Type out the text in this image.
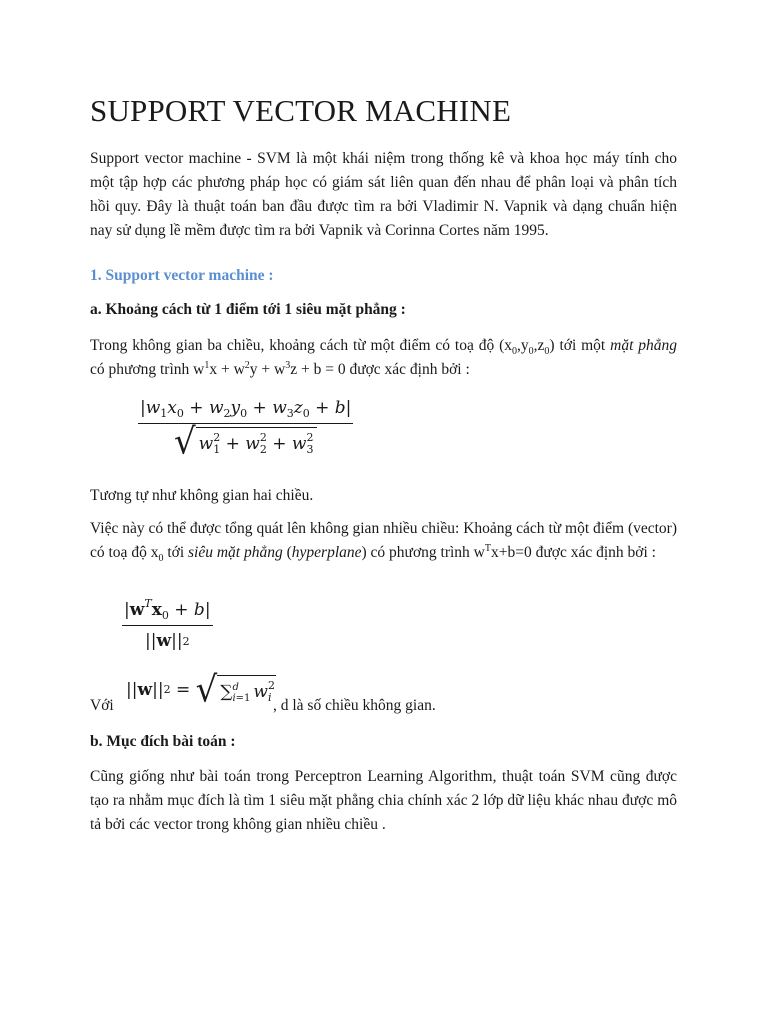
SUPPORT VECTOR MACHINE

Support vector machine - SVM là một khái niệm trong thống kê và khoa học máy tính cho một tập hợp các phương pháp học có giám sát liên quan đến nhau để phân loại và phân tích hồi quy. Đây là thuật toán ban đầu được tìm ra bởi Vladimir N. Vapnik và dạng chuẩn hiện nay sử dụng lề mềm được tìm ra bởi Vapnik và Corinna Cortes năm 1995.

1. Support vector machine :

a. Khoảng cách từ 1 điểm tới 1 siêu mặt phẳng :

Trong không gian ba chiều, khoảng cách từ một điểm có toạ độ $(x_0,y_0,z_0)$ tới một mặt phẳng có phương trình $w^1x + w^2y + w^3z + b = 0$ được xác định bởi :

$|w_1x_0 + w_2y_0 + w_3z_0 + b|$
√ $w^2_1 + w^2_2 + w^2_3$

Tương tự như không gian hai chiều.

Việc này có thể được tổng quát lên không gian nhiều chiều: Khoảng cách từ một điểm (vector) có toạ độ $x_0$ tới siêu mặt phẳng (hyperplane) có phương trình $w^Tx+b=0$ được xác định bởi :

$|w^Tx_0 + b|$
|| w || 2
Với
|| w || 2 = √ ∑ d
i=1 $w^2_i$ , d là số chiều không gian.

b. Mục đích bài toán :

Cũng giống như bài toán trong Perceptron Learning Algorithm, thuật toán SVM cũng được tạo ra nhằm mục đích là tìm 1 siêu mặt phẳng chia chính xác 2 lớp dữ liệu khác nhau được mô tả bởi các vector trong không gian nhiều chiều .
